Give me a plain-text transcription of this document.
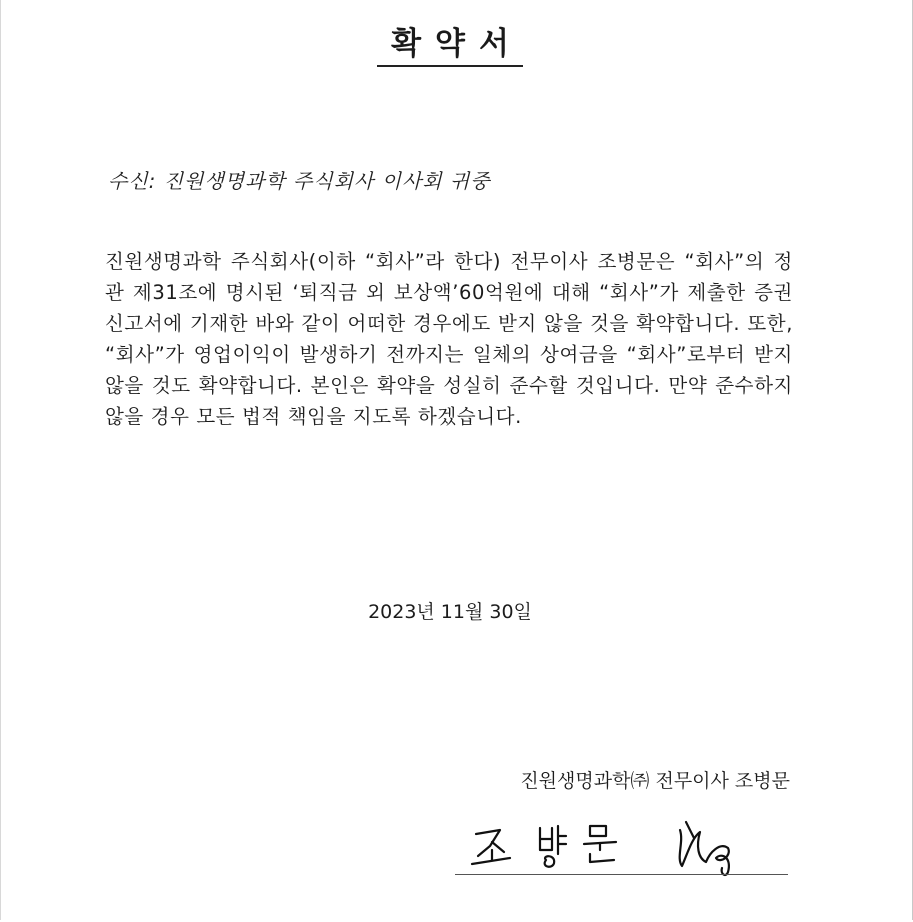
확약서
수신: 진원생명과학 주식회사 이사회 귀중
진원생명과학 주식회사(이하 “회사”라 한다) 전무이사 조병문은 “회사”의 정관 제31조에 명시된 ‘퇴직금 외 보상액’60억원에 대해 “회사”가 제출한 증권신고서에 기재한 바와 같이 어떠한 경우에도 받지 않을 것을 확약합니다. 또한, “회사”가 영업이익이 발생하기 전까지는 일체의 상여금을 “회사”로부터 받지 않을 것도 확약합니다. 본인은 확약을 성실히 준수할 것입니다. 만약 준수하지 않을 경우 모든 법적 책임을 지도록 하겠습니다.
2023년 11월 30일
진원생명과학㈜ 전무이사 조병문
